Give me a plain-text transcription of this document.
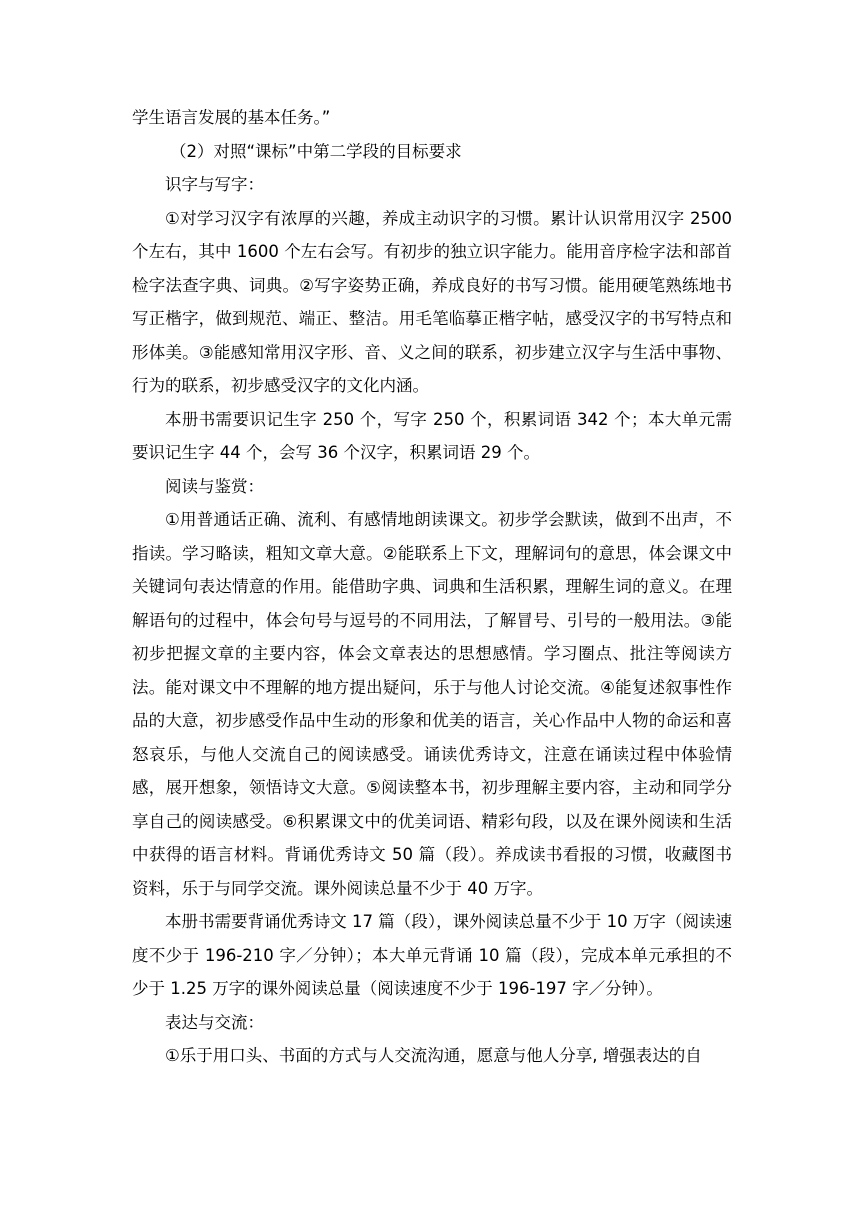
学生语言发展的基本任务。”

（2）对照“课标”中第二学段的目标要求

识字与写字：

①对学习汉字有浓厚的兴趣，养成主动识字的习惯。累计认识常用汉字 2500 个左右，其中 1600 个左右会写。有初步的独立识字能力。能用音序检字法和部首检字法查字典、词典。②写字姿势正确，养成良好的书写习惯。能用硬笔熟练地书写正楷字，做到规范、端正、整洁。用毛笔临摹正楷字帖，感受汉字的书写特点和形体美。③能感知常用汉字形、音、义之间的联系，初步建立汉字与生活中事物、行为的联系，初步感受汉字的文化内涵。

本册书需要识记生字 250 个，写字 250 个，积累词语 342 个；本大单元需要识记生字 44 个，会写 36 个汉字，积累词语 29 个。

阅读与鉴赏：

①用普通话正确、流利、有感情地朗读课文。初步学会默读，做到不出声，不指读。学习略读，粗知文章大意。②能联系上下文，理解词句的意思，体会课文中关键词句表达情意的作用。能借助字典、词典和生活积累，理解生词的意义。在理解语句的过程中，体会句号与逗号的不同用法，了解冒号、引号的一般用法。③能初步把握文章的主要内容，体会文章表达的思想感情。学习圈点、批注等阅读方法。能对课文中不理解的地方提出疑问，乐于与他人讨论交流。④能复述叙事性作品的大意，初步感受作品中生动的形象和优美的语言，关心作品中人物的命运和喜怒哀乐，与他人交流自己的阅读感受。诵读优秀诗文，注意在诵读过程中体验情感，展开想象，领悟诗文大意。⑤阅读整本书，初步理解主要内容，主动和同学分享自己的阅读感受。⑥积累课文中的优美词语、精彩句段，以及在课外阅读和生活中获得的语言材料。背诵优秀诗文 50 篇（段）。养成读书看报的习惯，收藏图书资料，乐于与同学交流。课外阅读总量不少于 40 万字。

本册书需要背诵优秀诗文 17 篇（段），课外阅读总量不少于 10 万字（阅读速度不少于 196-210 字／分钟）；本大单元背诵 10 篇（段），完成本单元承担的不少于 1.25 万字的课外阅读总量（阅读速度不少于 196-197 字／分钟）。

表达与交流：

①乐于用口头、书面的方式与人交流沟通，愿意与他人分享, 增强表达的自
